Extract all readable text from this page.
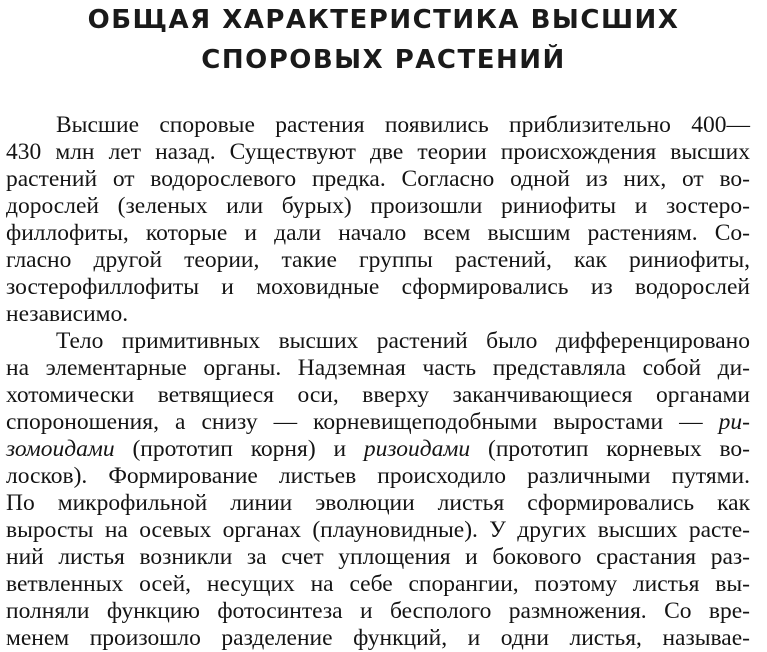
ОБЩАЯ ХАРАКТЕРИСТИКА ВЫСШИХ
СПОРОВЫХ РАСТЕНИЙ
Высшие споровые растения появились приблизительно 400—
430 млн лет назад. Существуют две теории происхождения высших
растений от водорослевого предка. Согласно одной из них, от во-
дорослей (зеленых или бурых) произошли риниофиты и зостеро-
филлофиты, которые и дали начало всем высшим растениям. Со-
гласно другой теории, такие группы растений, как риниофиты,
зостерофиллофиты и моховидные сформировались из водорослей
независимо.
Тело примитивных высших растений было дифференцировано
на элементарные органы. Надземная часть представляла собой ди-
хотомически ветвящиеся оси, вверху заканчивающиеся органами
спороношения, а снизу — корневищеподобными выростами — ри-
зомоидами (прототип корня) и ризоидами (прототип корневых во-
лосков). Формирование листьев происходило различными путями.
По микрофильной линии эволюции листья сформировались как
выросты на осевых органах (плауновидные). У других высших расте-
ний листья возникли за счет уплощения и бокового срастания раз-
ветвленных осей, несущих на себе спорангии, поэтому листья вы-
полняли функцию фотосинтеза и бесполого размножения. Со вре-
менем произошло разделение функций, и одни листья, называе-
